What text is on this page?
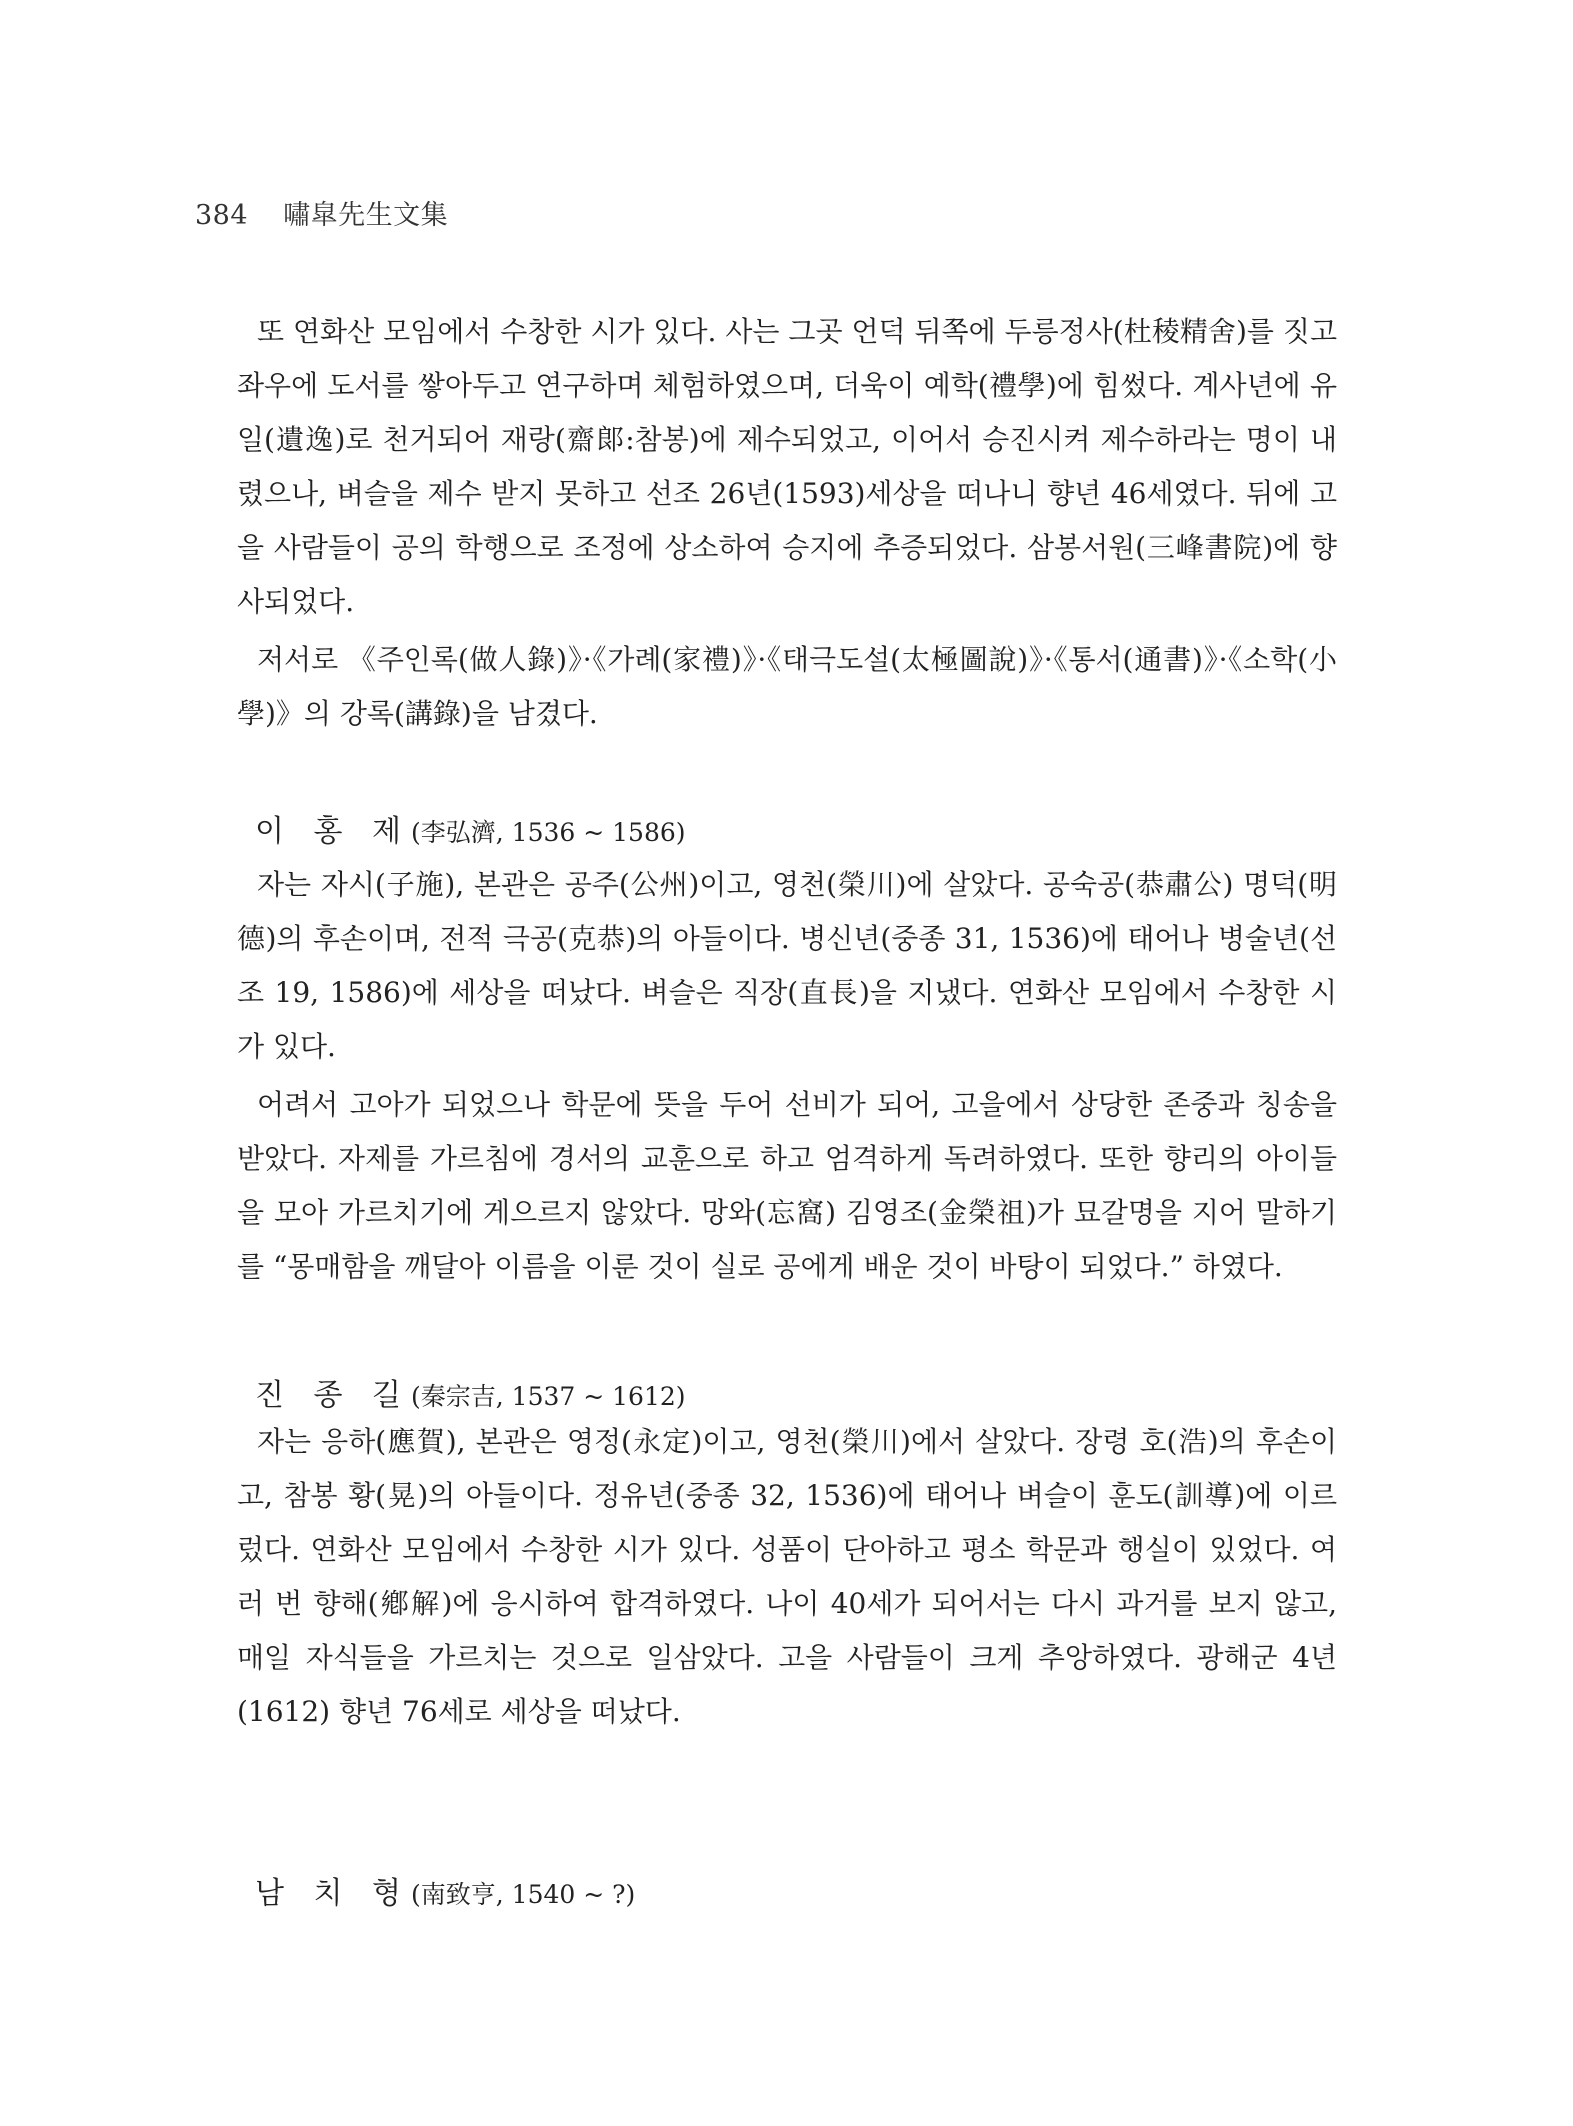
384 嘯皐先生文集

또 연화산 모임에서 수창한 시가 있다. 사는 그곳 언덕 뒤쪽에 두릉정사(杜稜精舍)를 짓고 좌우에 도서를 쌓아두고 연구하며 체험하였으며, 더욱이 예학(禮學)에 힘썼다. 계사년에 유일(遺逸)로 천거되어 재랑(齋郞:참봉)에 제수되었고, 이어서 승진시켜 제수하라는 명이 내렸으나, 벼슬을 제수 받지 못하고 선조 26년(1593)세상을 떠나니 향년 46세였다. 뒤에 고을 사람들이 공의 학행으로 조정에 상소하여 승지에 추증되었다. 삼봉서원(三峰書院)에 향사되었다.

저서로 《주인록(做人錄)》·《가례(家禮)》·《태극도설(太極圖說)》·《통서(通書)》·《소학(小學)》의 강록(講錄)을 남겼다.

이 홍 제(李弘濟, 1536 ~ 1586)

자는 자시(子施), 본관은 공주(公州)이고, 영천(榮川)에 살았다. 공숙공(恭肅公) 명덕(明德)의 후손이며, 전적 극공(克恭)의 아들이다. 병신년(중종 31, 1536)에 태어나 병술년(선조 19, 1586)에 세상을 떠났다. 벼슬은 직장(直長)을 지냈다. 연화산 모임에서 수창한 시가 있다.

어려서 고아가 되었으나 학문에 뜻을 두어 선비가 되어, 고을에서 상당한 존중과 칭송을 받았다. 자제를 가르침에 경서의 교훈으로 하고 엄격하게 독려하였다. 또한 향리의 아이들을 모아 가르치기에 게으르지 않았다. 망와(忘窩) 김영조(金榮祖)가 묘갈명을 지어 말하기를 “몽매함을 깨달아 이름을 이룬 것이 실로 공에게 배운 것이 바탕이 되었다.” 하였다.

진 종 길(秦宗吉, 1537 ~ 1612)

자는 응하(應賀), 본관은 영정(永定)이고, 영천(榮川)에서 살았다. 장령 호(浩)의 후손이고, 참봉 황(晃)의 아들이다. 정유년(중종 32, 1536)에 태어나 벼슬이 훈도(訓導)에 이르렀다. 연화산 모임에서 수창한 시가 있다. 성품이 단아하고 평소 학문과 행실이 있었다. 여러 번 향해(鄕解)에 응시하여 합격하였다. 나이 40세가 되어서는 다시 과거를 보지 않고, 매일 자식들을 가르치는 것으로 일삼았다. 고을 사람들이 크게 추앙하였다. 광해군 4년(1612) 향년 76세로 세상을 떠났다.

남 치 형(南致亨, 1540 ~ ?)
